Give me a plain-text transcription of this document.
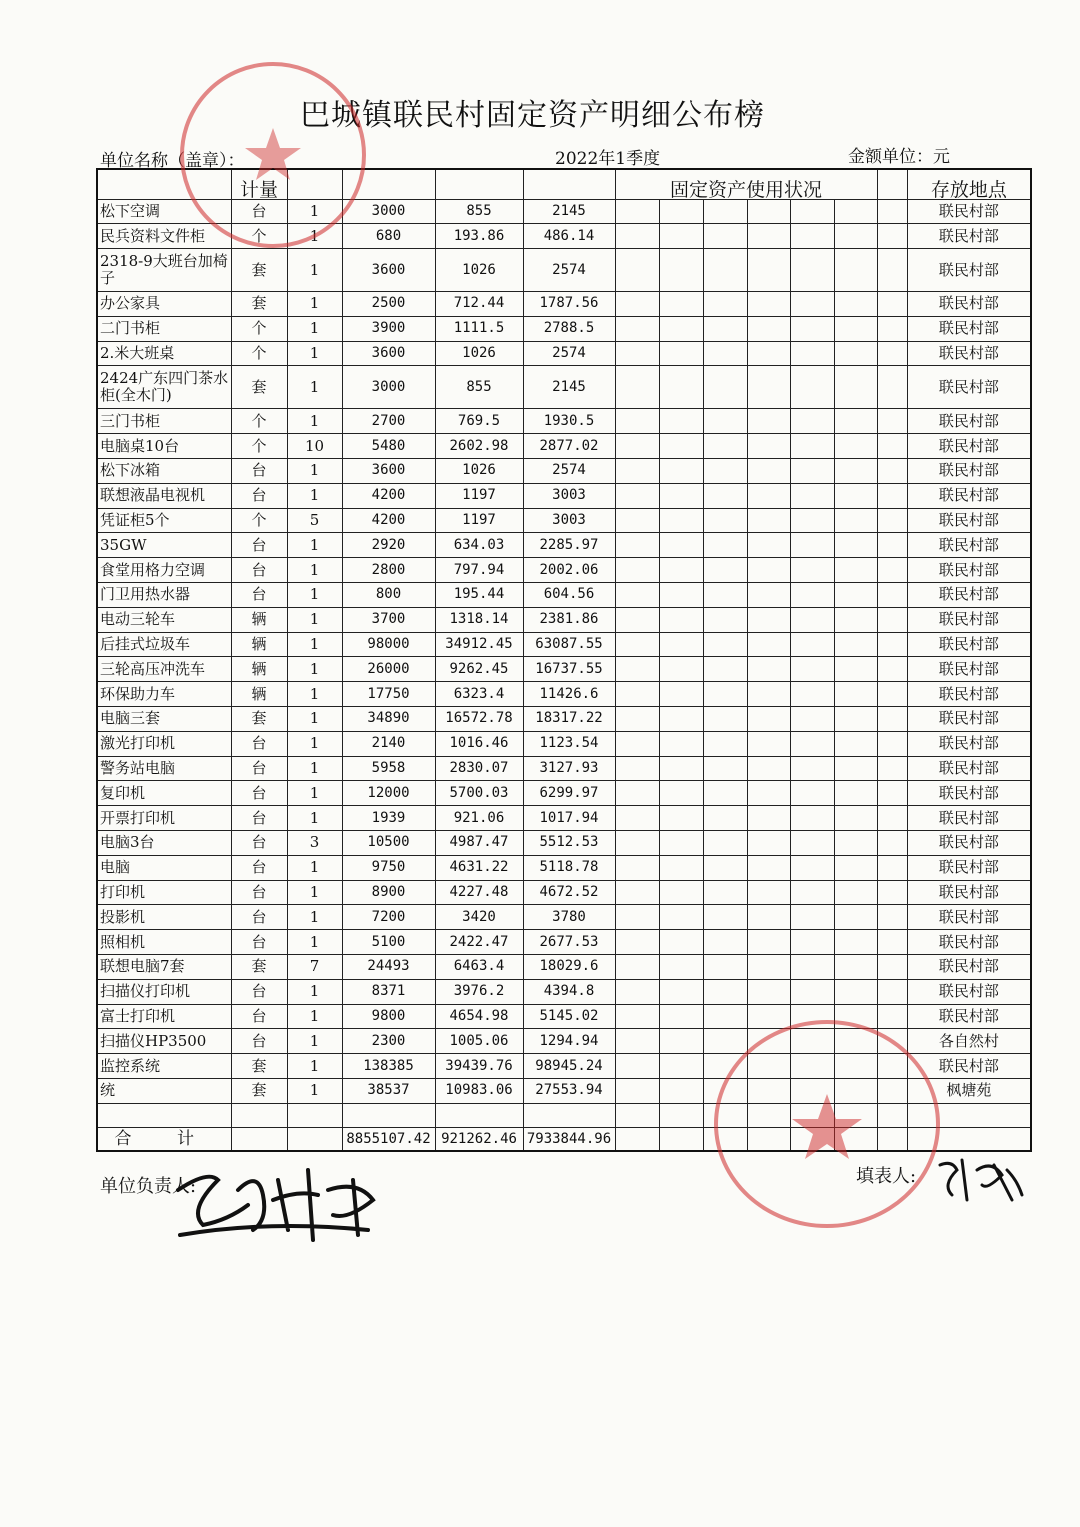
巴城镇联民村固定资产明细公布榜
单位名称（盖章）：	2022年1季度	金额单位：元
	计量					固定资产使用状况							存放地点
松下空调	台	1	3000	855	2145								联民村部
民兵资料文件柜	个	1	680	193.86	486.14								联民村部
2318-9大班台加椅子	套	1	3600	1026	2574								联民村部
办公家具	套	1	2500	712.44	1787.56								联民村部
二门书柜	个	1	3900	1111.5	2788.5								联民村部
2.米大班桌	个	1	3600	1026	2574								联民村部
2424广东四门茶水柜(全木门)	套	1	3000	855	2145								联民村部
三门书柜	个	1	2700	769.5	1930.5								联民村部
电脑桌10台	个	10	5480	2602.98	2877.02								联民村部
松下冰箱	台	1	3600	1026	2574								联民村部
联想液晶电视机	台	1	4200	1197	3003								联民村部
凭证柜5个	个	5	4200	1197	3003								联民村部
35GW	台	1	2920	634.03	2285.97								联民村部
食堂用格力空调	台	1	2800	797.94	2002.06								联民村部
门卫用热水器	台	1	800	195.44	604.56								联民村部
电动三轮车	辆	1	3700	1318.14	2381.86								联民村部
后挂式垃圾车	辆	1	98000	34912.45	63087.55								联民村部
三轮高压冲洗车	辆	1	26000	9262.45	16737.55								联民村部
环保助力车	辆	1	17750	6323.4	11426.6								联民村部
电脑三套	套	1	34890	16572.78	18317.22								联民村部
激光打印机	台	1	2140	1016.46	1123.54								联民村部
警务站电脑	台	1	5958	2830.07	3127.93								联民村部
复印机	台	1	12000	5700.03	6299.97								联民村部
开票打印机	台	1	1939	921.06	1017.94								联民村部
电脑3台	台	3	10500	4987.47	5512.53								联民村部
电脑	台	1	9750	4631.22	5118.78								联民村部
打印机	台	1	8900	4227.48	4672.52								联民村部
投影机	台	1	7200	3420	3780								联民村部
照相机	台	1	5100	2422.47	2677.53								联民村部
联想电脑7套	套	7	24493	6463.4	18029.6								联民村部
扫描仪打印机	台	1	8371	3976.2	4394.8								联民村部
富士打印机	台	1	9800	4654.98	5145.02								联民村部
扫描仪HP3500	台	1	2300	1005.06	1294.94								各自然村
监控系统	套	1	138385	39439.76	98945.24								联民村部
统	套	1	38537	10983.06	27553.94								枫塘苑

合 计			8855107.42	921262.46	7933844.96								
单位负责人:	填表人:
